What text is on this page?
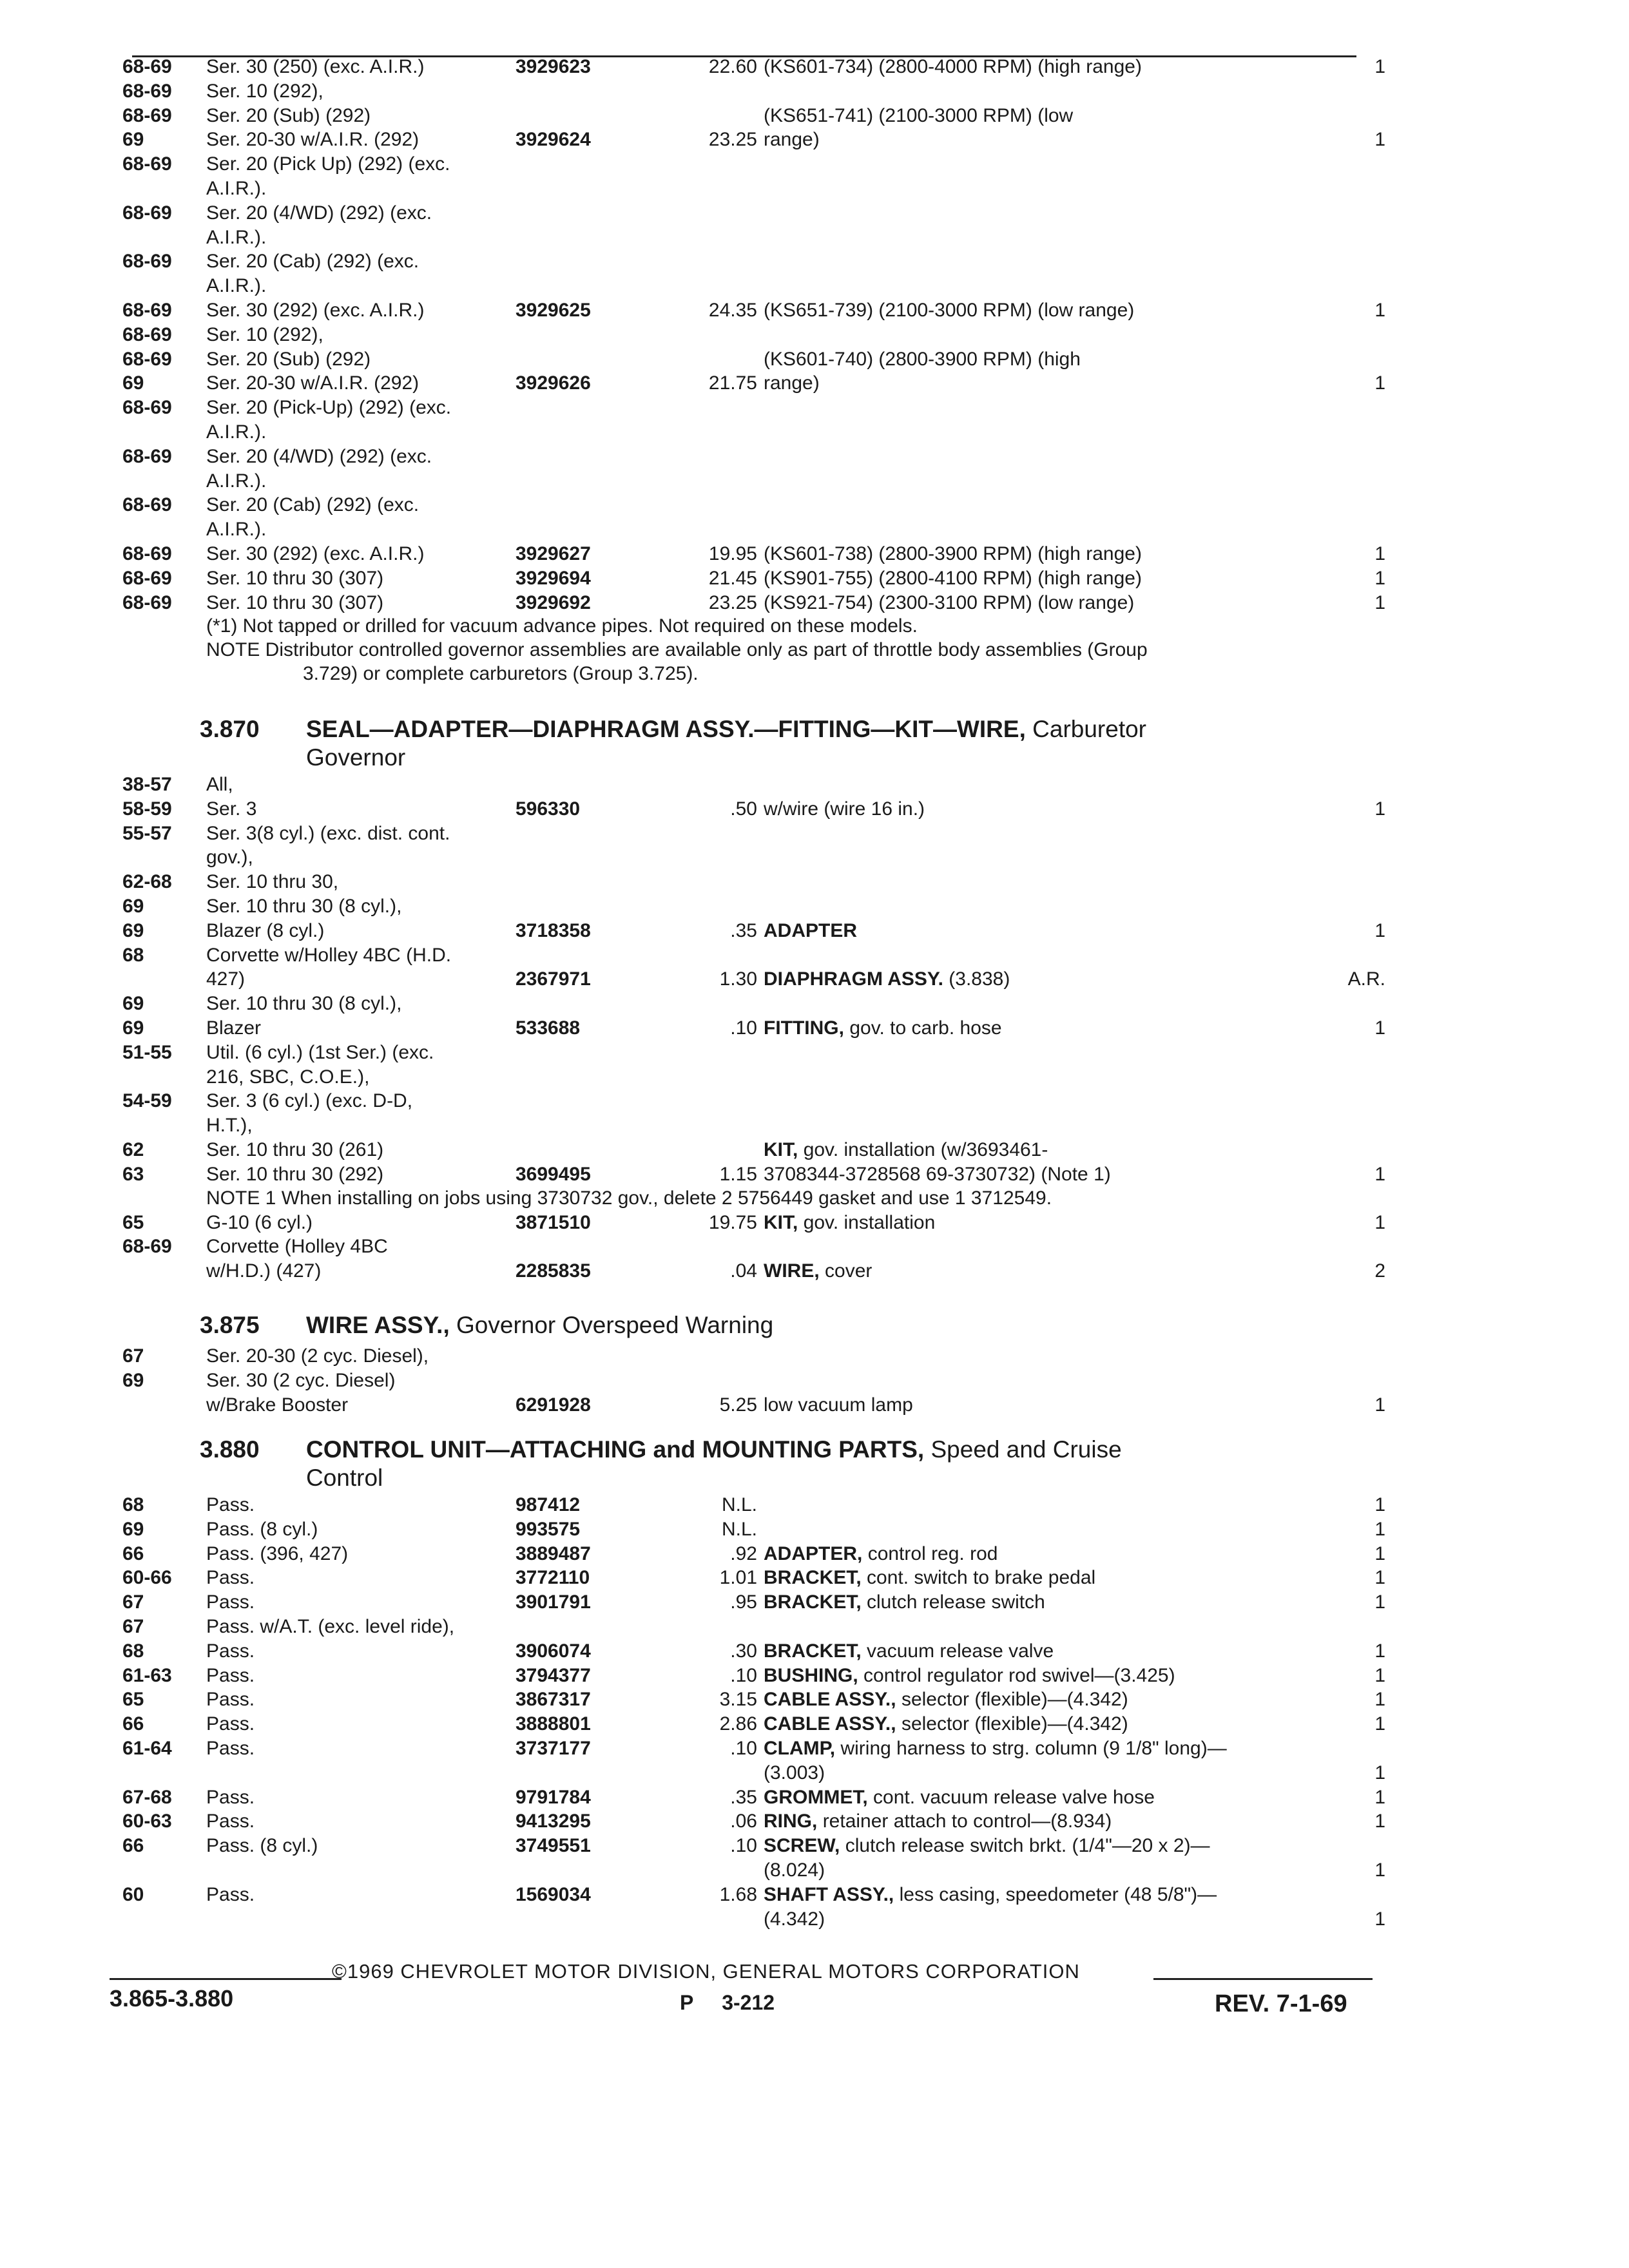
68-69 Ser. 30 (250) (exc. A.I.R.)	3929623	22.60 (KS601-734) (2800-4000 RPM) (high range)	1
68-69 Ser. 10 (292),
68-69 Ser. 20 (Sub) (292)	(KS651-741) (2100-3000 RPM) (low
69	Ser. 20-30 w/A.I.R. (292)	3929624	23.25 range)	1
68-69 Ser. 20 (Pick Up) (292) (exc.
A.I.R.).
68-69 Ser. 20 (4/WD) (292) (exc.
A.I.R.).
68-69 Ser. 20 (Cab) (292) (exc.
A.I.R.).
68-69 Ser. 30 (292) (exc. A.I.R.)	3929625	24.35 (KS651-739) (2100-3000 RPM) (low range)	1
68-69 Ser. 10 (292),
68-69 Ser. 20 (Sub) (292)	(KS601-740) (2800-3900 RPM) (high
69	Ser. 20-30 w/A.I.R. (292)	3929626	21.75 range)	1
68-69 Ser. 20 (Pick-Up) (292) (exc.
A.I.R.).
68-69 Ser. 20 (4/WD) (292) (exc.
A.I.R.).
68-69 Ser. 20 (Cab) (292) (exc.
A.I.R.).
68-69 Ser. 30 (292) (exc. A.I.R.)	3929627	19.95 (KS601-738) (2800-3900 RPM) (high range)	1
68-69 Ser. 10 thru 30 (307)	3929694	21.45 (KS901-755) (2800-4100 RPM) (high range)	1
68-69 Ser. 10 thru 30 (307)	3929692	23.25 (KS921-754) (2300-3100 RPM) (low range)	1
(*1) Not tapped or drilled for vacuum advance pipes. Not required on these models.
NOTE Distributor controlled governor assemblies are available only as part of throttle body assemblies (Group
3.729) or complete carburetors (Group 3.725).
3.870 SEAL—ADAPTER—DIAPHRAGM ASSY.—FITTING—KIT—WIRE, Carburetor
Governor
38-57 All,
58-59 Ser. 3	596330	.50 w/wire (wire 16 in.)	1
55-57 Ser. 3(8 cyl.) (exc. dist. cont.
gov.),
62-68 Ser. 10 thru 30,
69	Ser. 10 thru 30 (8 cyl.),
69	Blazer (8 cyl.)	3718358	.35 ADAPTER	1
68	Corvette w/Holley 4BC (H.D.
427)	2367971	1.30 DIAPHRAGM ASSY. (3.838)	A.R.
69	Ser. 10 thru 30 (8 cyl.),
69	Blazer	533688	.10 FITTING, gov. to carb. hose	1
51-55 Util. (6 cyl.) (1st Ser.) (exc.
216, SBC, C.O.E.),
54-59 Ser. 3 (6 cyl.) (exc. D-D,
H.T.),
62	Ser. 10 thru 30 (261)	KIT, gov. installation (w/3693461-
63	Ser. 10 thru 30 (292)	3699495	1.15 3708344-3728568 69-3730732) (Note 1)	1
NOTE 1 When installing on jobs using 3730732 gov., delete 2 5756449 gasket and use 1 3712549.
65	G-10 (6 cyl.)	3871510	19.75 KIT, gov. installation	1
68-69 Corvette (Holley 4BC
w/H.D.) (427)	2285835	.04 WIRE, cover	2
3.875 WIRE ASSY., Governor Overspeed Warning
67	Ser. 20-30 (2 cyc. Diesel),
69	Ser. 30 (2 cyc. Diesel)
w/Brake Booster	6291928	5.25 low vacuum lamp	1
3.880 CONTROL UNIT—ATTACHING and MOUNTING PARTS, Speed and Cruise
Control
68	Pass.	987412	N.L.	1
69	Pass. (8 cyl.)	993575	N.L.	1
66	Pass. (396, 427)	3889487	.92 ADAPTER, control reg. rod	1
60-66 Pass.	3772110	1.01 BRACKET, cont. switch to brake pedal	1
67	Pass.	3901791	.95 BRACKET, clutch release switch	1
67	Pass. w/A.T. (exc. level ride),
68	Pass.	3906074	.30 BRACKET, vacuum release valve	1
61-63 Pass.	3794377	.10 BUSHING, control regulator rod swivel—(3.425)	1
65	Pass.	3867317	3.15 CABLE ASSY., selector (flexible)—(4.342)	1
66	Pass.	3888801	2.86 CABLE ASSY., selector (flexible)—(4.342)	1
61-64 Pass.	3737177	.10 CLAMP, wiring harness to strg. column (9 1/8" long)—
(3.003)	1
67-68 Pass.	9791784	.35 GROMMET, cont. vacuum release valve hose	1
60-63 Pass.	9413295	.06 RING, retainer attach to control—(8.934)	1
66	Pass. (8 cyl.)	3749551	.10 SCREW, clutch release switch brkt. (1/4"—20 x 2)—
(8.024)	1
60	Pass.	1569034	1.68 SHAFT ASSY., less casing, speedometer (48 5/8")—
(4.342)	1
©1969 CHEVROLET MOTOR DIVISION, GENERAL MOTORS CORPORATION
3.865-3.880	P     3-212	REV. 7-1-69
